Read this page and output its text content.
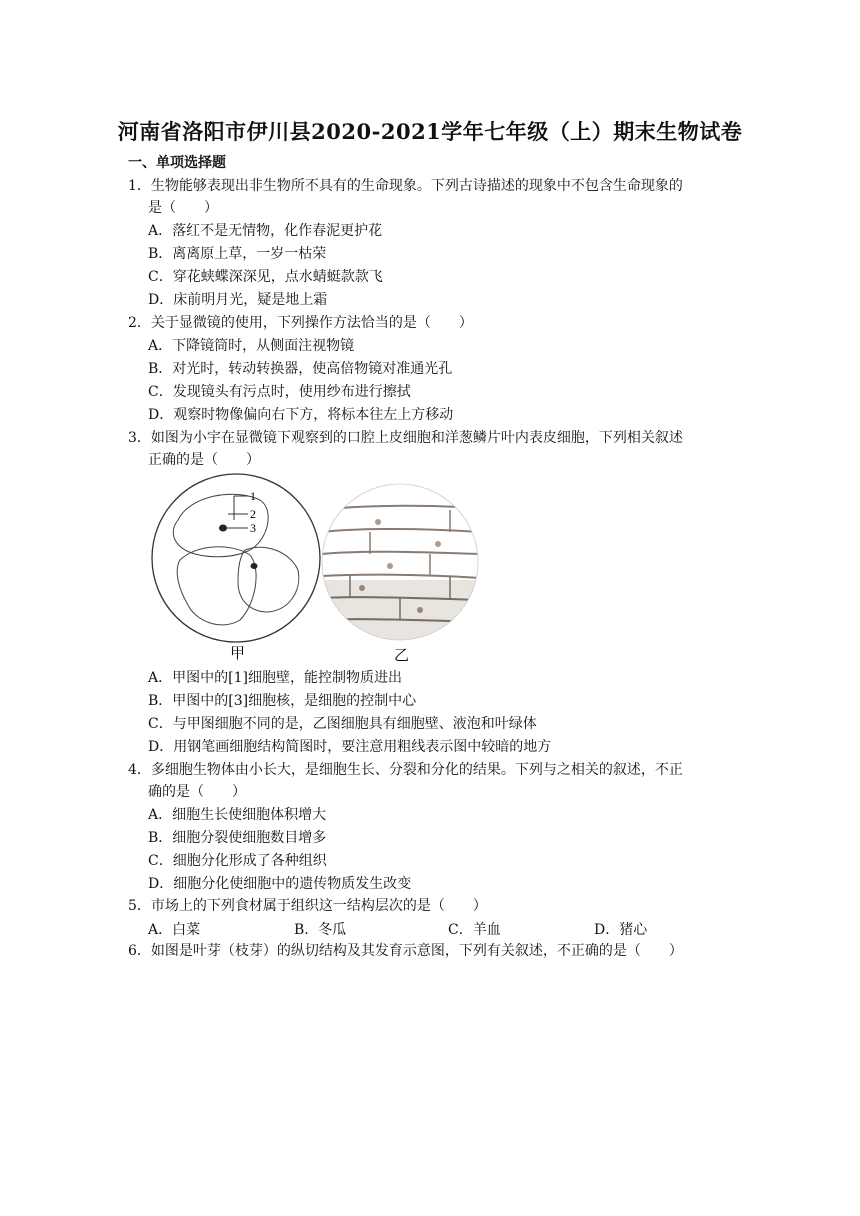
河南省洛阳市伊川县2020-2021学年七年级（上）期末生物试卷
一、单项选择题
1．生物能够表现出非生物所不具有的生命现象。下列古诗描述的现象中不包含生命现象的
是（　　）
A．落红不是无情物，化作春泥更护花
B．离离原上草，一岁一枯荣
C．穿花蛱蝶深深见，点水蜻蜓款款飞
D．床前明月光，疑是地上霜
2．关于显微镜的使用，下列操作方法恰当的是（　　）
A．下降镜筒时，从侧面注视物镜
B．对光时，转动转换器，使高倍物镜对准通光孔
C．发现镜头有污点时，使用纱布进行擦拭
D．观察时物像偏向右下方，将标本往左上方移动
3．如图为小宇在显微镜下观察到的口腔上皮细胞和洋葱鳞片叶内表皮细胞，下列相关叙述
正确的是（　　）
1
2
3
甲	乙
A．甲图中的[1]细胞壁，能控制物质进出
B．甲图中的[3]细胞核，是细胞的控制中心
C．与甲图细胞不同的是，乙图细胞具有细胞壁、液泡和叶绿体
D．用钢笔画细胞结构简图时，要注意用粗线表示图中较暗的地方
4．多细胞生物体由小长大，是细胞生长、分裂和分化的结果。下列与之相关的叙述，不正
确的是（　　）
A．细胞生长使细胞体积增大
B．细胞分裂使细胞数目增多
C．细胞分化形成了各种组织
D．细胞分化使细胞中的遗传物质发生改变
5．市场上的下列食材属于组织这一结构层次的是（　　）
A．白菜	B．冬瓜	C．羊血	D．猪心
6．如图是叶芽（枝芽）的纵切结构及其发育示意图，下列有关叙述，不正确的是（　　）
